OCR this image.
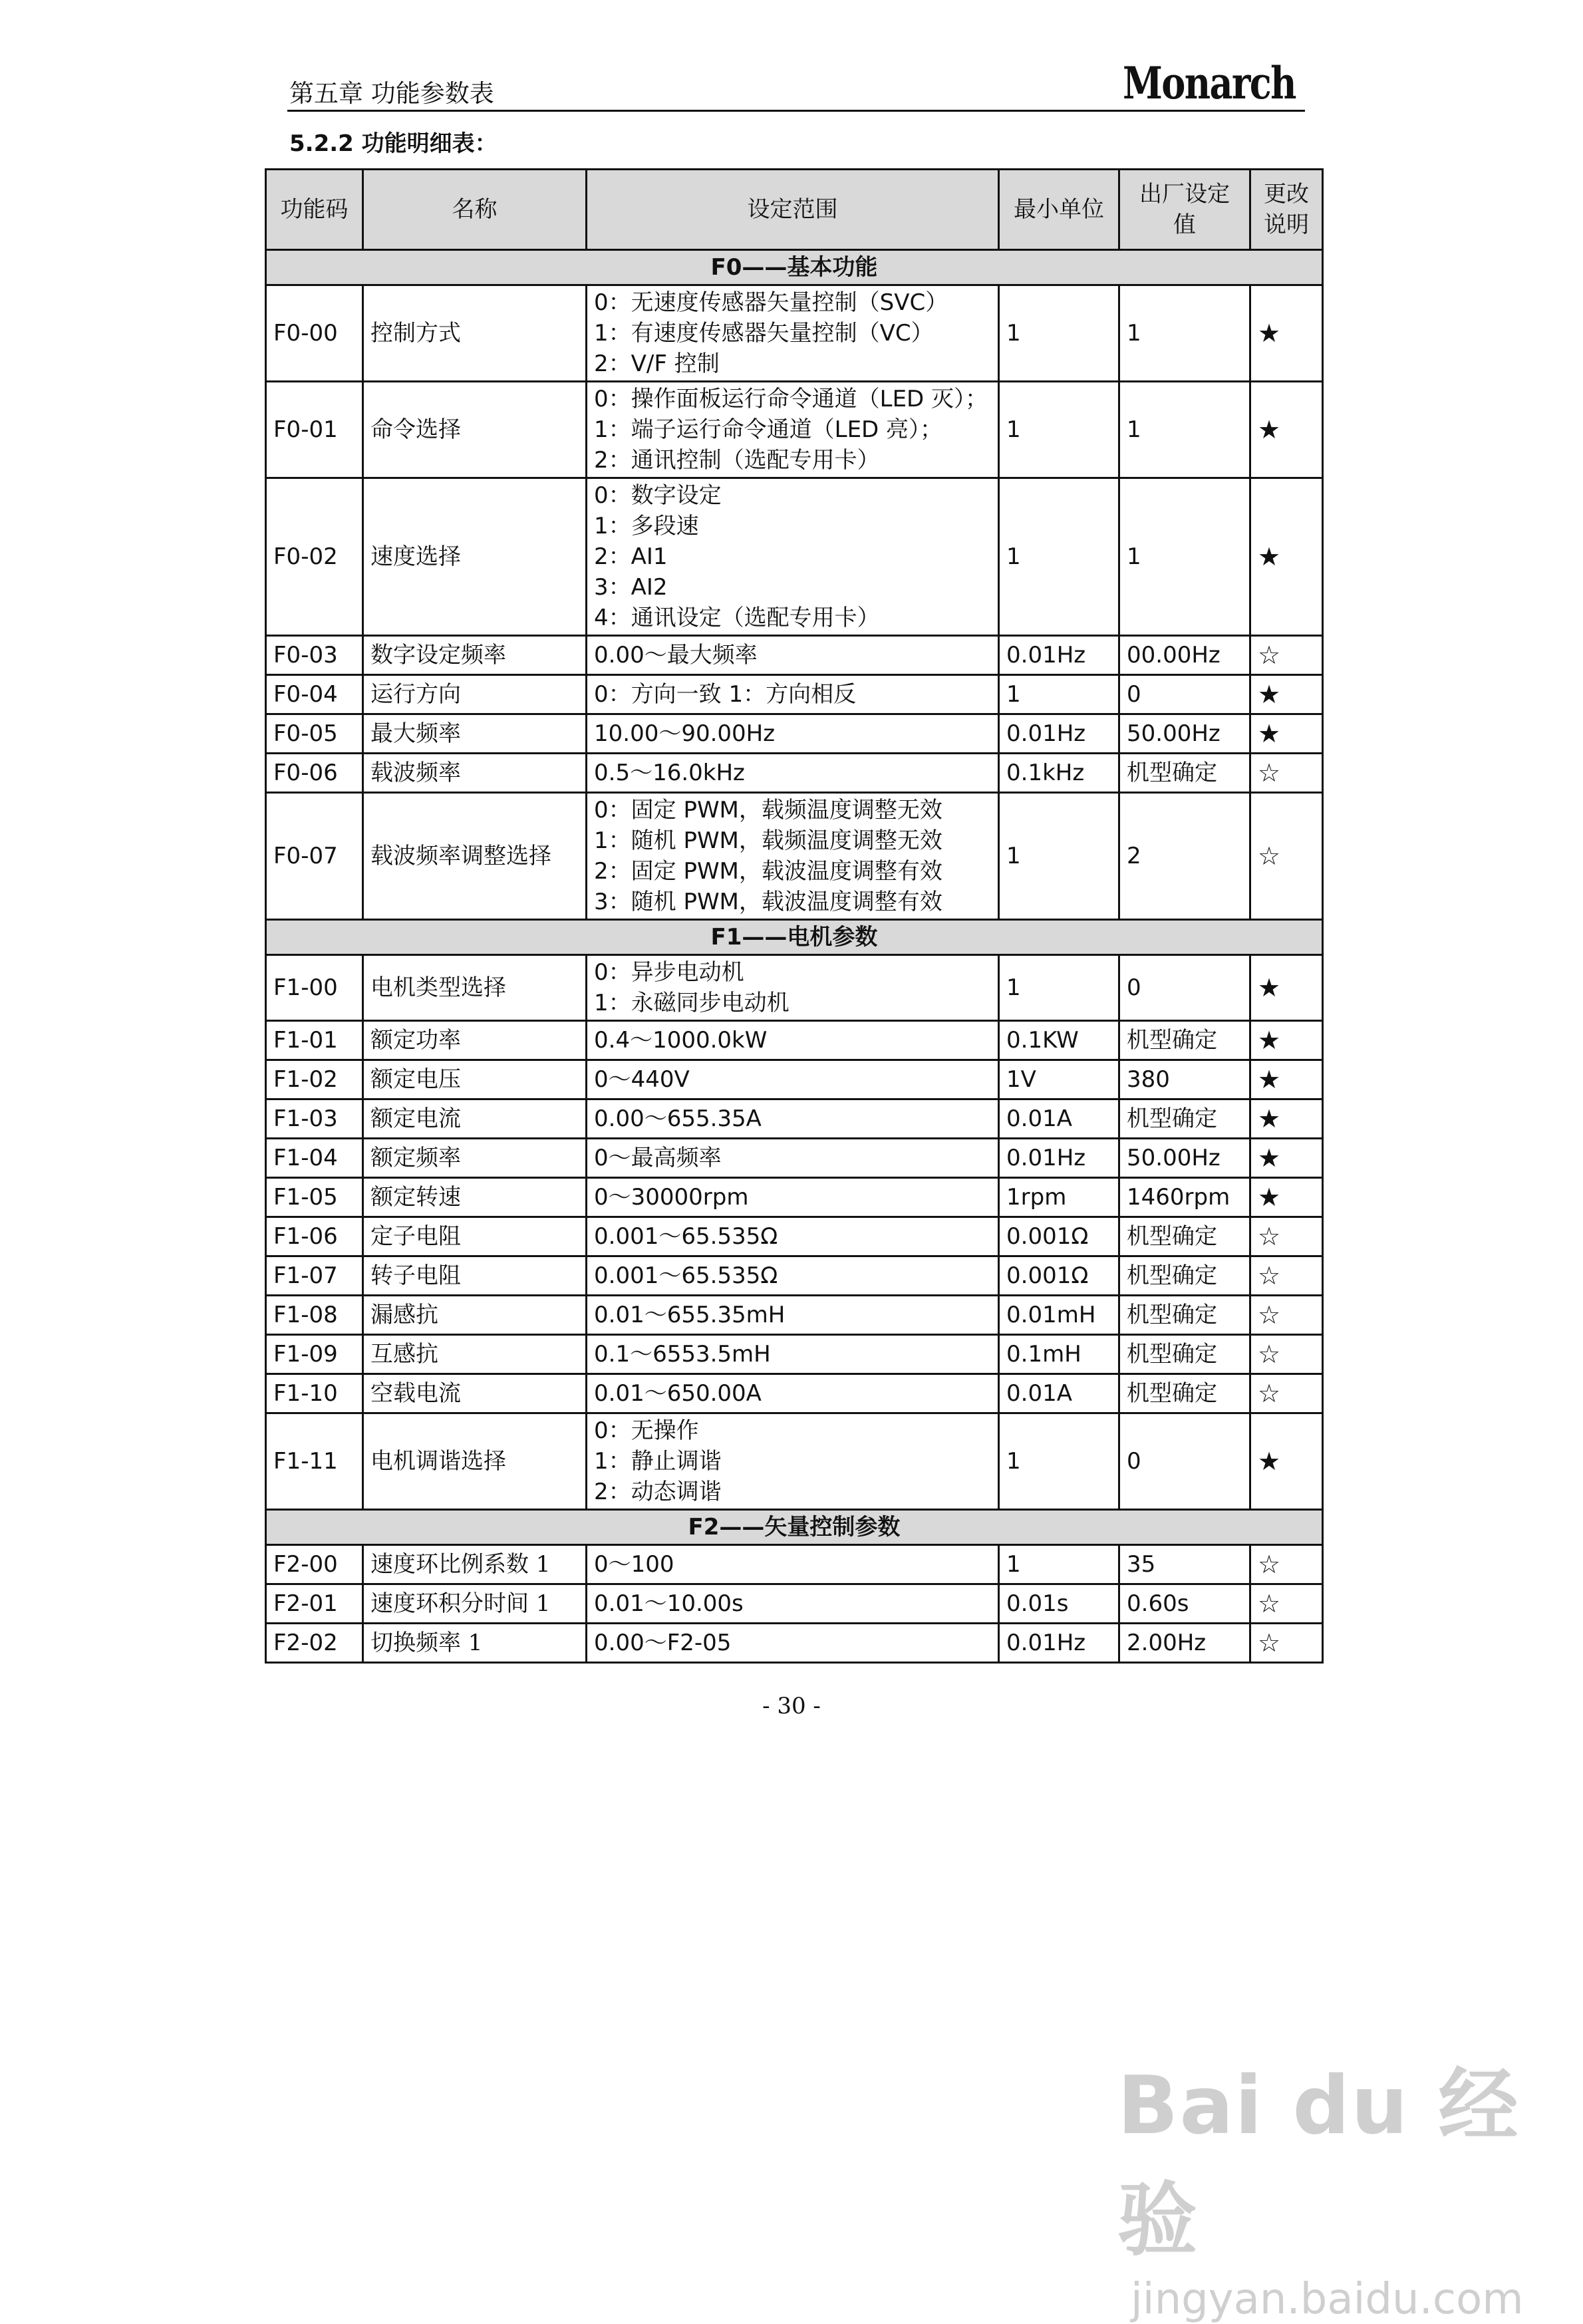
第五章 功能参数表	Monarch
5.2.2 功能明细表：
功能码	名称	设定范围	最小单位	出厂设定值	更改说明
F0——基本功能					
F0-00	控制方式	0：无速度传感器矢量控制（SVC）
1：有速度传感器矢量控制（VC）
2：V/F 控制	1	1	★
F0-01	命令选择	0：操作面板运行命令通道（LED 灭）；
1：端子运行命令通道（LED 亮）；
2：通讯控制（选配专用卡）	1	1	★
F0-02	速度选择	0：数字设定
1：多段速
2：AI1
3：AI2
4：通讯设定（选配专用卡）	1	1	★
F0-03	数字设定频率	0.00～最大频率	0.01Hz	00.00Hz	☆
F0-04	运行方向	0：方向一致 1：方向相反	1	0	★
F0-05	最大频率	10.00～90.00Hz	0.01Hz	50.00Hz	★
F0-06	载波频率	0.5～16.0kHz	0.1kHz	机型确定	☆
F0-07	载波频率调整选择	0：固定 PWM，载频温度调整无效
1：随机 PWM，载频温度调整无效
2：固定 PWM，载波温度调整有效
3：随机 PWM，载波温度调整有效	1	2	☆
F1——电机参数					
F1-00	电机类型选择	0：异步电动机
1：永磁同步电动机	1	0	★
F1-01	额定功率	0.4～1000.0kW	0.1KW	机型确定	★
F1-02	额定电压	0～440V	1V	380	★
F1-03	额定电流	0.00～655.35A	0.01A	机型确定	★
F1-04	额定频率	0～最高频率	0.01Hz	50.00Hz	★
F1-05	额定转速	0～30000rpm	1rpm	1460rpm	★
F1-06	定子电阻	0.001～65.535Ω	0.001Ω	机型确定	☆
F1-07	转子电阻	0.001～65.535Ω	0.001Ω	机型确定	☆
F1-08	漏感抗	0.01～655.35mH	0.01mH	机型确定	☆
F1-09	互感抗	0.1～6553.5mH	0.1mH	机型确定	☆
F1-10	空载电流	0.01～650.00A	0.01A	机型确定	☆
F1-11	电机调谐选择	0：无操作
1：静止调谐
2：动态调谐	1	0	★
F2——矢量控制参数					
F2-00	速度环比例系数 1	0～100	1	35	☆
F2-01	速度环积分时间 1	0.01～10.00s	0.01s	0.60s	☆
F2-02	切换频率 1	0.00～F2-05	0.01Hz	2.00Hz	☆
- 30 -
Bai du 经验
jingyan.baidu.com
